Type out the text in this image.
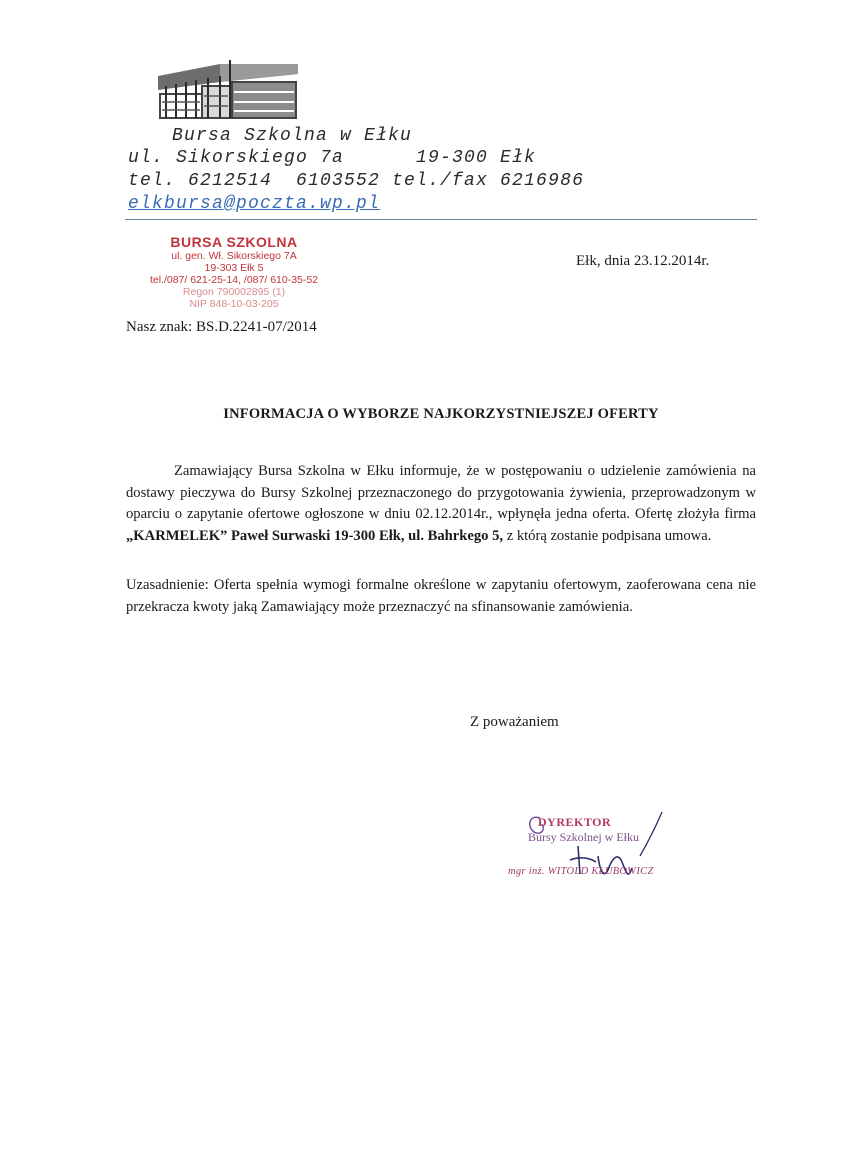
Bursa Szkolna w Ełku
ul. Sikorskiego 7a      19-300 Ełk
tel. 6212514  6103552 tel./fax 6216986
elkbursa@poczta.wp.pl
BURSA SZKOLNA
ul. gen. Wł. Sikorskiego 7A
19-303 Ełk 5
tel./087/ 621-25-14, /087/ 610-35-52
Regon 790002895 (1)
NIP 848-10-03-205
Ełk, dnia 23.12.2014r.
Nasz znak: BS.D.2241-07/2014
INFORMACJA O WYBORZE NAJKORZYSTNIEJSZEJ OFERTY
Zamawiający Bursa Szkolna w Ełku informuje, że w postępowaniu o udzielenie zamówienia na dostawy pieczywa do Bursy Szkolnej przeznaczonego do przygotowania żywienia, przeprowadzonym w oparciu o zapytanie ofertowe ogłoszone w dniu 02.12.2014r., wpłynęła jedna oferta. Ofertę złożyła firma „KARMELEK” Paweł Surwaski 19-300 Ełk, ul. Bahrkego 5, z którą zostanie podpisana umowa.
Uzasadnienie: Oferta spełnia wymogi formalne określone w zapytaniu ofertowym, zaoferowana cena nie przekracza kwoty jaką Zamawiający może przeznaczyć na sfinansowanie zamówienia.
Z poważaniem
DYREKTOR
Bursy Szkolnej w Ełku
mgr inż. WITOLD KŁUBOWICZ
